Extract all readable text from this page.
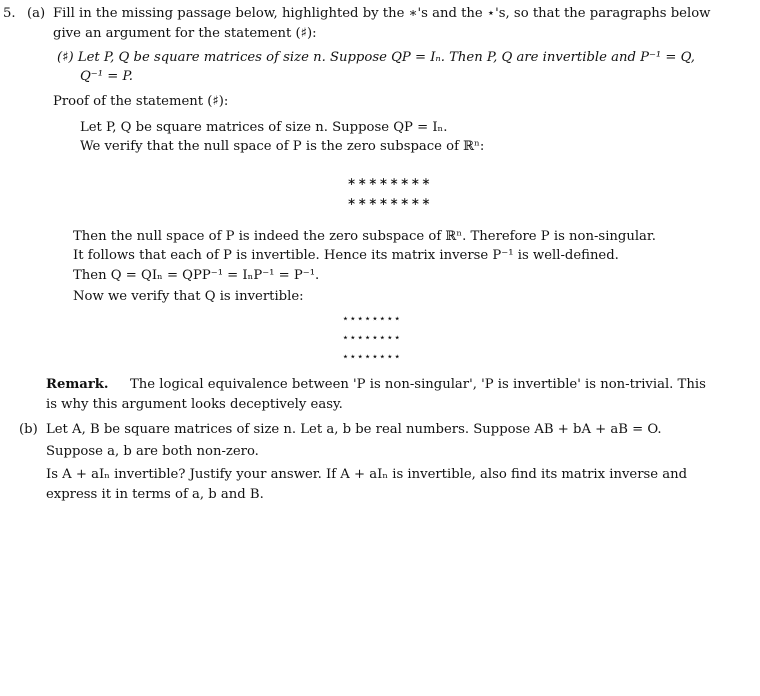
5. (a) Fill in the missing passage below, highlighted by the ∗'s and the ⋆'s, so that the paragraphs below
give an argument for the statement (♯):
(♯) Let P, Q be square matrices of size n. Suppose QP = Iₙ. Then P, Q are invertible and P⁻¹ = Q,
Q⁻¹ = P.
Proof of the statement (♯):
Let P, Q be square matrices of size n. Suppose QP = Iₙ.
We verify that the null space of P is the zero subspace of ℝⁿ:
∗∗∗∗∗∗∗∗
∗∗∗∗∗∗∗∗
Then the null space of P is indeed the zero subspace of ℝⁿ. Therefore P is non-singular.
It follows that each of P is invertible. Hence its matrix inverse P⁻¹ is well-defined.
Then Q = QIₙ = QPP⁻¹ = IₙP⁻¹ = P⁻¹.
Now we verify that Q is invertible:
⋆⋆⋆⋆⋆⋆⋆⋆
⋆⋆⋆⋆⋆⋆⋆⋆
⋆⋆⋆⋆⋆⋆⋆⋆
Remark. The logical equivalence between 'P is non-singular', 'P is invertible' is non-trivial. This
is why this argument looks deceptively easy.
(b) Let A, B be square matrices of size n. Let a, b be real numbers. Suppose AB + bA + aB = O.
Suppose a, b are both non-zero.
Is A + aIₙ invertible? Justify your answer. If A + aIₙ is invertible, also find its matrix inverse and
express it in terms of a, b and B.
